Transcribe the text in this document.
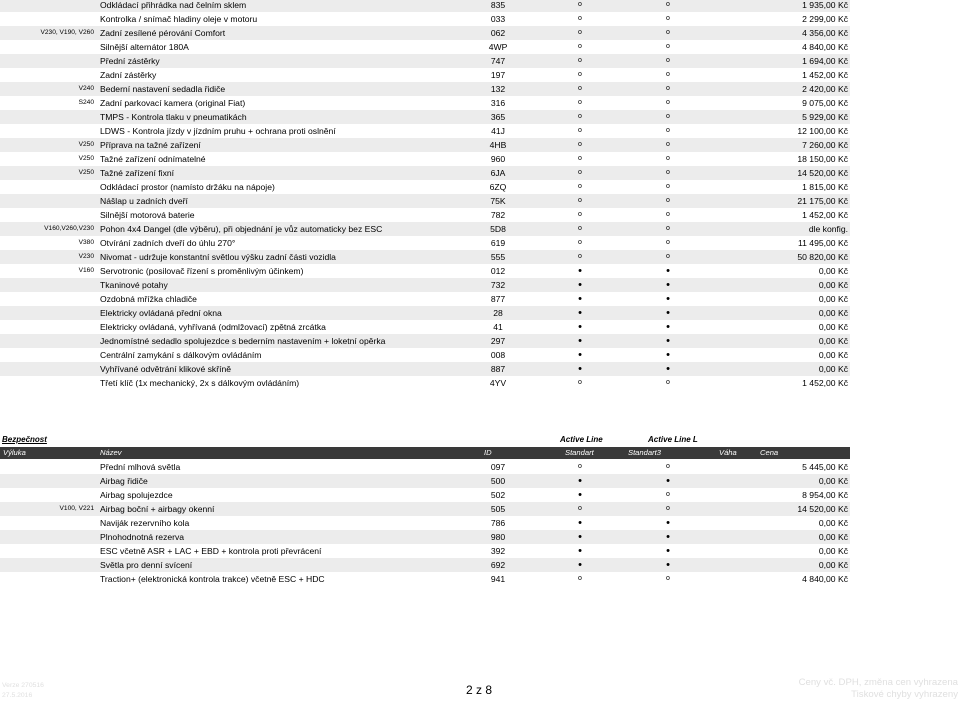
Odkládací přihrádka nad čelním sklem	835	o	o	1 935,00 Kč
Kontrolka / snímač hladiny oleje v motoru	033	o	o	2 299,00 Kč
V230, V190, V260 Zadní zesílené pérování Comfort	062	o	o	4 356,00 Kč
Silnější alternátor 180A	4WP	o	o	4 840,00 Kč
Přední zástěrky	747	o	o	1 694,00 Kč
Zadní zástěrky	197	o	o	1 452,00 Kč
V240 Bederní nastavení sedadla řidiče	132	o	o	2 420,00 Kč
S240 Zadní parkovací kamera (original Fiat)	316	o	o	9 075,00 Kč
TMPS - Kontrola tlaku v pneumatikách	365	o	o	5 929,00 Kč
LDWS - Kontrola jízdy v jízdním pruhu + ochrana proti oslnění	41J	o	o	12 100,00 Kč
V250 Příprava na tažné zařízení	4HB	o	o	7 260,00 Kč
V250 Tažné zařízení odnímatelné	960	o	o	18 150,00 Kč
V250 Tažné zařízení fixní	6JA	o	o	14 520,00 Kč
Odkládací prostor (namísto držáku na nápoje)	6ZQ	o	o	1 815,00 Kč
Nášlap u zadních dveří	75K	o	o	21 175,00 Kč
Silnější motorová baterie	782	o	o	1 452,00 Kč
V160,V260,V230 Pohon 4x4 Dangel (dle výběru), při objednání je vůz automaticky bez ESC	5D8	o	o	dle konfig.
V380 Otvírání zadních dveří do úhlu 270°	619	o	o	11 495,00 Kč
V230 Nivomat - udržuje konstantní světlou výšku zadní části vozidla	555	o	o	50 820,00 Kč
V160 Servotronic (posilovač řízení s proměnlivým účinkem)	012	•	•	0,00 Kč
Tkaninové potahy	732	•	•	0,00 Kč
Ozdobná mřížka chladiče	877	•	•	0,00 Kč
Elektricky ovládaná přední okna	28	•	•	0,00 Kč
Elektricky ovládaná, vyhřívaná (odmlžovací) zpětná zrcátka	41	•	•	0,00 Kč
Jednomístné sedadlo spolujezdce s bederním nastavením + loketní opěrka	297	•	•	0,00 Kč
Centrální zamykání s dálkovým ovládáním	008	•	•	0,00 Kč
Vyhřívané odvětrání klikové skříně	887	•	•	0,00 Kč
Třetí klíč (1x mechanický, 2x s dálkovým ovládáním)	4YV	o	o	1 452,00 Kč
Bezpečnost	Active Line	Active Line L
Výluka	Název	ID	Standart	Standart3	Váha	Cena
Přední mlhová světla	097	o	o	5 445,00 Kč
Airbag řidiče	500	•	•	0,00 Kč
Airbag spolujezdce	502	•	o	8 954,00 Kč
V100, V221 Airbag boční + airbagy okenní	505	o	o	14 520,00 Kč
Naviják rezervního kola	786	•	•	0,00 Kč
Plnohodnotná rezerva	980	•	•	0,00 Kč
ESC včetně ASR + LAC + EBD + kontrola proti převrácení	392	•	•	0,00 Kč
Světla pro denní svícení	692	•	•	0,00 Kč
Traction+ (elektronická kontrola trakce) včetně ESC + HDC	941	o	o	4 840,00 Kč
Verze 270516
27.5.2016	2 z 8
Ceny vč. DPH, změna cen vyhrazena
Tiskové chyby vyhrazeny
